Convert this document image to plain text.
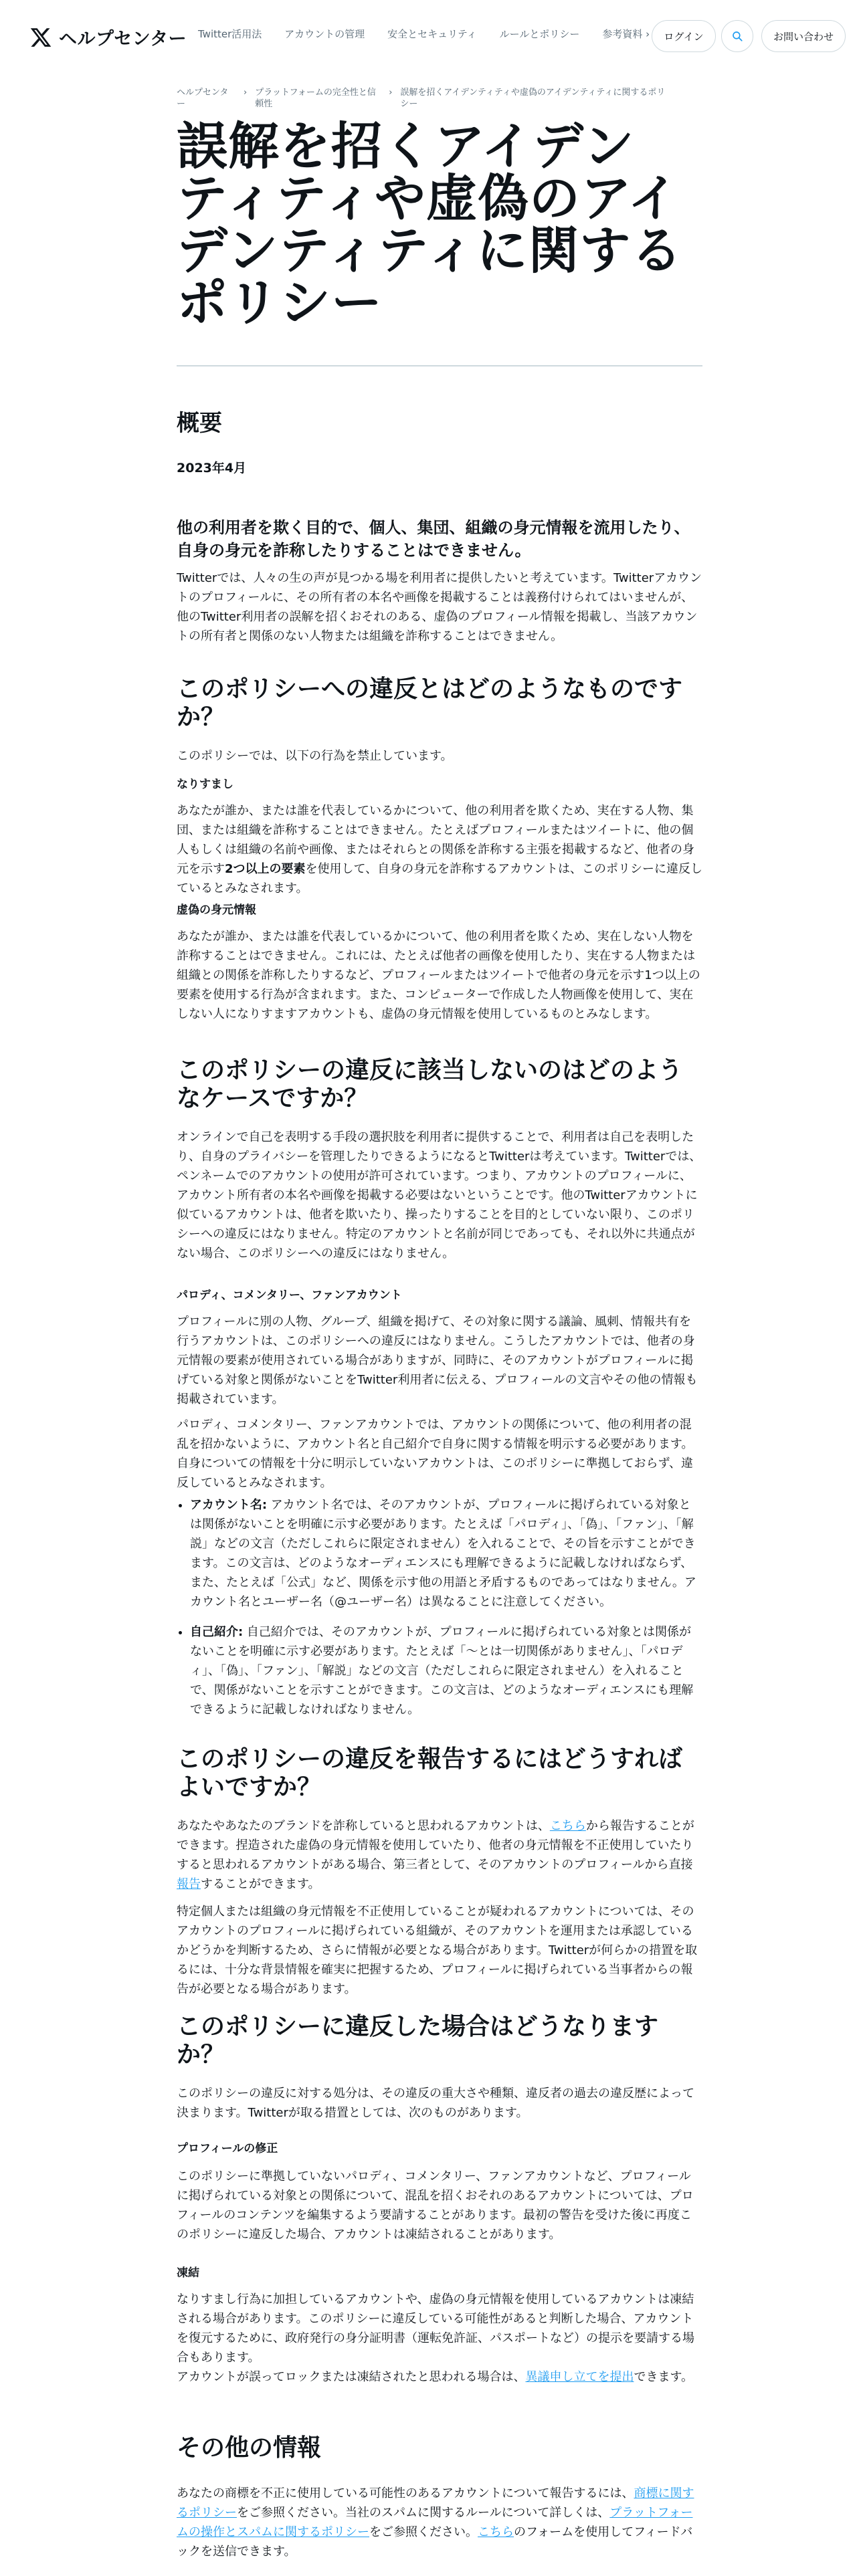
ヘルプセンター Twitter活用法 アカウントの管理 安全とセキュリティ ルールとポリシー 参考資料 ›	ログイン	お問い合わせ
ヘルプセンター
› プラットフォームの完全性と信頼性
› 誤解を招くアイデンティティや虚偽のアイデンティティに関するポリシー
誤解を招くアイデンティティや虚偽のアイデンティティに関するポリシー
概要
2023年4月

他の利用者を欺く目的で、個人、集団、組織の身元情報を流用したり、自身の身元を詐称したりすることはできません。

Twitterでは、人々の生の声が見つかる場を利用者に提供したいと考えています。Twitterアカウントのプロフィールに、その所有者の本名や画像を掲載することは義務付けられてはいませんが、他のTwitter利用者の誤解を招くおそれのある、虚偽のプロフィール情報を掲載し、当該アカウントの所有者と関係のない人物または組織を詐称することはできません。

このポリシーへの違反とはどのようなものですか？

このポリシーでは、以下の行為を禁止しています。

なりすまし

あなたが誰か、または誰を代表しているかについて、他の利用者を欺くため、実在する人物、集団、または組織を詐称することはできません。たとえばプロフィールまたはツイートに、他の個人もしくは組織の名前や画像、またはそれらとの関係を詐称する主張を掲載するなど、他者の身元を示す2つ以上の要素を使用して、自身の身元を詐称するアカウントは、このポリシーに違反しているとみなされます。

虚偽の身元情報

あなたが誰か、または誰を代表しているかについて、他の利用者を欺くため、実在しない人物を詐称することはできません。これには、たとえば他者の画像を使用したり、実在する人物または組織との関係を詐称したりするなど、プロフィールまたはツイートで他者の身元を示す1つ以上の要素を使用する行為が含まれます。また、コンピューターで作成した人物画像を使用して、実在しない人になりすますアカウントも、虚偽の身元情報を使用しているものとみなします。

このポリシーの違反に該当しないのはどのようなケースですか？

オンラインで自己を表明する手段の選択肢を利用者に提供することで、利用者は自己を表明したり、自身のプライバシーを管理したりできるようになるとTwitterは考えています。Twitterでは、ペンネームでのアカウントの使用が許可されています。つまり、アカウントのプロフィールに、アカウント所有者の本名や画像を掲載する必要はないということです。他のTwitterアカウントに似ているアカウントは、他者を欺いたり、操ったりすることを目的としていない限り、このポリシーへの違反にはなりません。特定のアカウントと名前が同じであっても、それ以外に共通点がない場合、このポリシーへの違反にはなりません。

パロディ、コメンタリー、ファンアカウント

プロフィールに別の人物、グループ、組織を掲げて、その対象に関する議論、風刺、情報共有を行うアカウントは、このポリシーへの違反にはなりません。こうしたアカウントでは、他者の身元情報の要素が使用されている場合がありますが、同時に、そのアカウントがプロフィールに掲げている対象と関係がないことをTwitter利用者に伝える、プロフィールの文言やその他の情報も掲載されています。

パロディ、コメンタリー、ファンアカウントでは、アカウントの関係について、他の利用者の混乱を招かないように、アカウント名と自己紹介で自身に関する情報を明示する必要があります。自身についての情報を十分に明示していないアカウントは、このポリシーに準拠しておらず、違反しているとみなされます。

• アカウント名: アカウント名では、そのアカウントが、プロフィールに掲げられている対象とは関係がないことを明確に示す必要があります。たとえば「パロディ」、「偽」、「ファン」、「解説」などの文言（ただしこれらに限定されません）を入れることで、その旨を示すことができます。この文言は、どのようなオーディエンスにも理解できるように記載しなければならず、また、たとえば「公式」など、関係を示す他の用語と矛盾するものであってはなりません。アカウント名とユーザー名（@ユーザー名）は異なることに注意してください。
• 自己紹介: 自己紹介では、そのアカウントが、プロフィールに掲げられている対象とは関係がないことを明確に示す必要があります。たとえば「〜とは一切関係がありません」、「パロディ」、「偽」、「ファン」、「解説」などの文言（ただしこれらに限定されません）を入れることで、関係がないことを示すことができます。この文言は、どのようなオーディエンスにも理解できるように記載しなければなりません。
このポリシーの違反を報告するにはどうすればよいですか？

あなたやあなたのブランドを詐称していると思われるアカウントは、こちらから報告することができます。捏造された虚偽の身元情報を使用していたり、他者の身元情報を不正使用していたりすると思われるアカウントがある場合、第三者として、そのアカウントのプロフィールから直接報告することができます。

特定個人または組織の身元情報を不正使用していることが疑われるアカウントについては、そのアカウントのプロフィールに掲げられている組織が、そのアカウントを運用または承認しているかどうかを判断するため、さらに情報が必要となる場合があります。Twitterが何らかの措置を取るには、十分な背景情報を確実に把握するため、プロフィールに掲げられている当事者からの報告が必要となる場合があります。

このポリシーに違反した場合はどうなりますか？

このポリシーの違反に対する処分は、その違反の重大さや種類、違反者の過去の違反歴によって決まります。Twitterが取る措置としては、次のものがあります。

プロフィールの修正

このポリシーに準拠していないパロディ、コメンタリー、ファンアカウントなど、プロフィールに掲げられている対象との関係について、混乱を招くおそれのあるアカウントについては、プロフィールのコンテンツを編集するよう要請することがあります。最初の警告を受けた後に再度このポリシーに違反した場合、アカウントは凍結されることがあります。

凍結

なりすまし行為に加担しているアカウントや、虚偽の身元情報を使用しているアカウントは凍結される場合があります。このポリシーに違反している可能性があると判断した場合、アカウントを復元するために、政府発行の身分証明書（運転免許証、パスポートなど）の提示を要請する場合もあります。

アカウントが誤ってロックまたは凍結されたと思われる場合は、異議申し立てを提出できます。

その他の情報

あなたの商標を不正に使用している可能性のあるアカウントについて報告するには、商標に関するポリシーをご参照ください。当社のスパムに関するルールについて詳しくは、プラットフォームの操作とスパムに関するポリシーをご参照ください。こちらのフォームを使用してフィードバックを送信できます。
